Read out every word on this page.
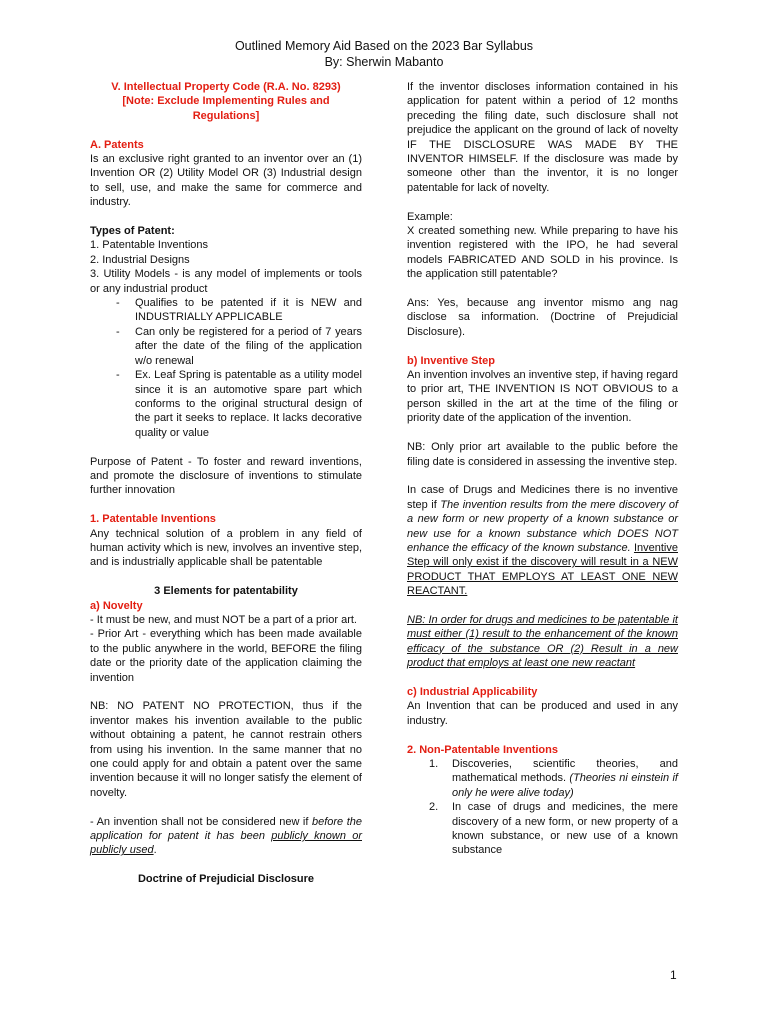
Outlined Memory Aid Based on the 2023 Bar Syllabus
By: Sherwin Mabanto

V. Intellectual Property Code (R.A. No. 8293)

[Note: Exclude Implementing Rules and Regulations]

A. Patents

Is an exclusive right granted to an inventor over an (1) Invention OR (2) Utility Model OR (3) Industrial design to sell, use, and make the same for commerce and industry.

Types of Patent:

1. Patentable Inventions

2. Industrial Designs

3. Utility Models - is any model of implements or tools or any industrial product

- Qualifies to be patented if it is NEW and INDUSTRIALLY APPLICABLE
- Can only be registered for a period of 7 years after the date of the filing of the application w/o renewal
- Ex. Leaf Spring is patentable as a utility model since it is an automotive spare part which conforms to the original structural design of the part it seeks to replace. It lacks decorative quality or value

Purpose of Patent - To foster and reward inventions, and promote the disclosure of inventions to stimulate further innovation

1. Patentable Inventions

Any technical solution of a problem in any field of human activity which is new, involves an inventive step, and is industrially applicable shall be patentable

3 Elements for patentability

a) Novelty

- It must be new, and must NOT be a part of a prior art.

- Prior Art - everything which has been made available to the public anywhere in the world, BEFORE the filing date or the priority date of the application claiming the invention

NB: NO PATENT NO PROTECTION, thus if the inventor makes his invention available to the public without obtaining a patent, he cannot restrain others from using his invention. In the same manner that no one could apply for and obtain a patent over the same invention because it will no longer satisfy the element of novelty.

- An invention shall not be considered new if before the application for patent it has been publicly known or publicly used.

Doctrine of Prejudicial Disclosure

If the inventor discloses information contained in his application for patent within a period of 12 months preceding the filing date, such disclosure shall not prejudice the applicant on the ground of lack of novelty IF THE DISCLOSURE WAS MADE BY THE INVENTOR HIMSELF. If the disclosure was made by someone other than the inventor, it is no longer patentable for lack of novelty.

Example:

X created something new. While preparing to have his invention registered with the IPO, he had several models FABRICATED AND SOLD in his province. Is the application still patentable?

Ans: Yes, because ang inventor mismo ang nag disclose sa information. (Doctrine of Prejudicial Disclosure).

b) Inventive Step

An invention involves an inventive step, if having regard to prior art, THE INVENTION IS NOT OBVIOUS to a person skilled in the art at the time of the filing or priority date of the application of the invention.

NB: Only prior art available to the public before the filing date is considered in assessing the inventive step.

In case of Drugs and Medicines there is no inventive step if The invention results from the mere discovery of a new form or new property of a known substance or new use for a known substance which DOES NOT enhance the efficacy of the known substance. Inventive Step will only exist if the discovery will result in a NEW PRODUCT THAT EMPLOYS AT LEAST ONE NEW REACTANT.

NB: In order for drugs and medicines to be patentable it must either (1) result to the enhancement of the known efficacy of the substance OR (2) Result in a new product that employs at least one new reactant

c) Industrial Applicability

An Invention that can be produced and used in any industry.

2. Non-Patentable Inventions

1. Discoveries, scientific theories, and mathematical methods. (Theories ni einstein if only he were alive today)
2. In case of drugs and medicines, the mere discovery of a new form, or new property of a known substance, or new use of a known substance
1
